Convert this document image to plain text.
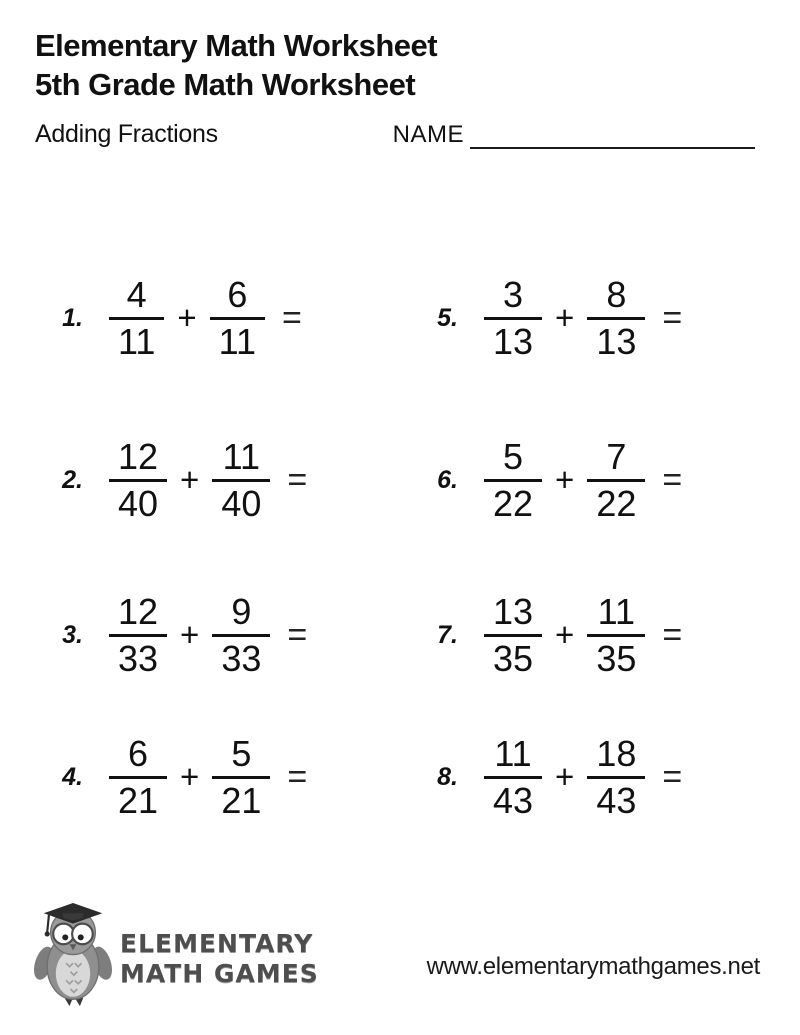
Elementary Math Worksheet
5th Grade Math Worksheet
Adding Fractions	NAME
1. $\frac{4}{11} + \frac{6}{11}$ =	5. $\frac{3}{13} + \frac{8}{13}$ =
2. $\frac{12}{40} + \frac{11}{40}$ =	6. $\frac{5}{22} + \frac{7}{22}$ =
3. $\frac{12}{33} + \frac{9}{33}$ =	7. $\frac{13}{35} + \frac{11}{35}$ =
4. $\frac{6}{21} + \frac{5}{21}$ =	8. $\frac{11}{43} + \frac{18}{43}$ =
ELEMENTARY
MATH GAMES	www.elementarymathgames.net
